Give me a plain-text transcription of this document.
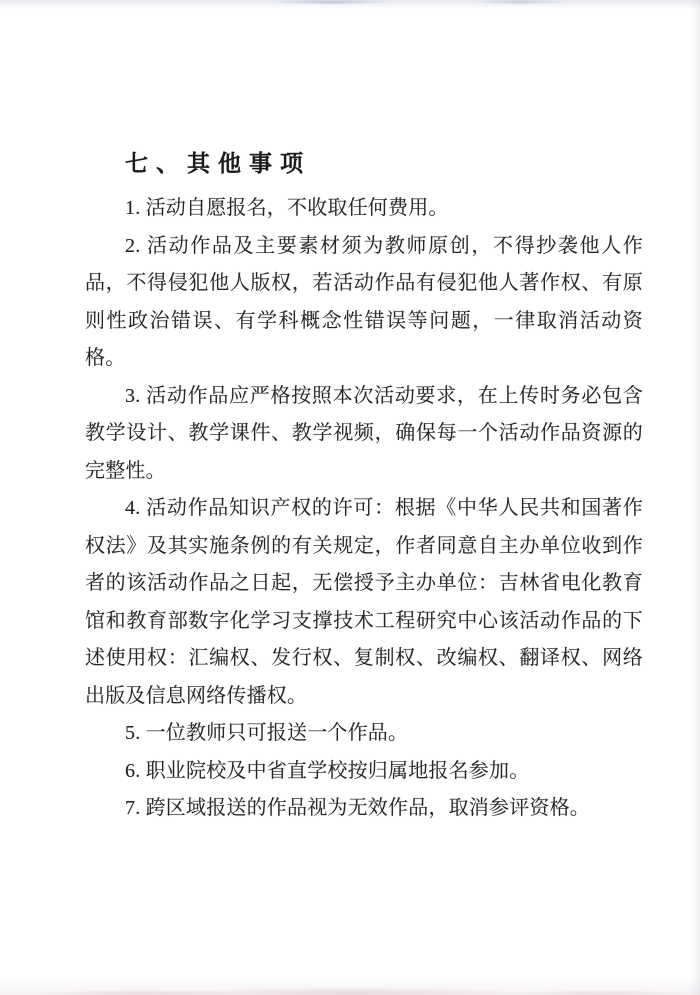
七、其他事项

1. 活动自愿报名，不收取任何费用。

2. 活动作品及主要素材须为教师原创，不得抄袭他人作品，不得侵犯他人版权，若活动作品有侵犯他人著作权、有原则性政治错误、有学科概念性错误等问题，一律取消活动资格。

3. 活动作品应严格按照本次活动要求，在上传时务必包含教学设计、教学课件、教学视频，确保每一个活动作品资源的完整性。

4. 活动作品知识产权的许可：根据《中华人民共和国著作权法》及其实施条例的有关规定，作者同意自主办单位收到作者的该活动作品之日起，无偿授予主办单位：吉林省电化教育馆和教育部数字化学习支撑技术工程研究中心该活动作品的下述使用权：汇编权、发行权、复制权、改编权、翻译权、网络出版及信息网络传播权。

5. 一位教师只可报送一个作品。

6. 职业院校及中省直学校按归属地报名参加。

7. 跨区域报送的作品视为无效作品，取消参评资格。
